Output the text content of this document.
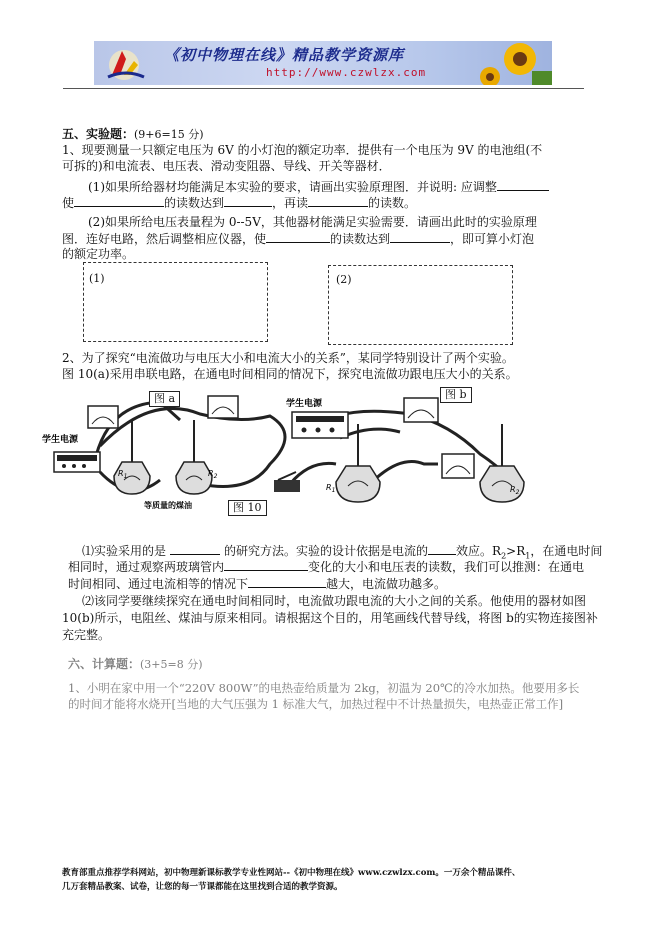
《初中物理在线》精品教学资源库
http://www.czwlzx.com
五、实验题：(9+6=15 分)
1、现要测量一只额定电压为 6V 的小灯泡的额定功率．提供有一个电压为 9V 的电池组(不
可拆的)和电流表、电压表、滑动变阻器、导线、开关等器材．
(1)如果所给器材均能满足本实验的要求，请画出实验原理图．并说明: 应调整
使	的读数达到	，再读	的读数。
(2)如果所给电压表量程为 0--5V，其他器材能满足实验需要．请画出此时的实验原理
图．连好电路，然后调整相应仪器，使	的读数达到	，即可算小灯泡
的额定功率。
(1)	(2)
2、为了探究“电流做功与电压大小和电流大小的关系”，某同学特别设计了两个实验。
图 10(a)采用串联电路，在通电时间相同的情况下，探究电流做功跟电压大小的关系。
学生电源
$R_1$	$R_2$
等质量的煤油
学生电源
$R_1$	$R_2$
图 a	图 b
图 10
⑴实验采用的是	的研究方法。实验的设计依据是电流的 效应。$R_2>R_1$，在通电时间
相同时，通过观察两玻璃管内	变化的大小和电压表的读数，我们可以推测：在通电
时间相同、通过电流相等的情况下	越大，电流做功越多。
⑵该同学要继续探究在通电时间相同时，电流做功跟电流的大小之间的关系。他使用的器材如图
10(b)所示，电阻丝、煤油与原来相同。请根据这个目的，用笔画线代替导线，将图 b的实物连接图补
充完整。
六、计算题：(3+5=8 分)
1、小明在家中用一个“220V 800W”的电热壶给质量为 2kg，初温为 20℃的冷水加热。他要用多长
的时间才能将水烧开[当地的大气压强为 1 标准大气，加热过程中不计热量损失，电热壶正常工作]
教育部重点推荐学科网站，初中物理新课标教学专业性网站--《初中物理在线》www.czwlzx.com。一万余个精品课件、
几万套精品教案、试卷，让您的每一节课都能在这里找到合适的教学资源。
